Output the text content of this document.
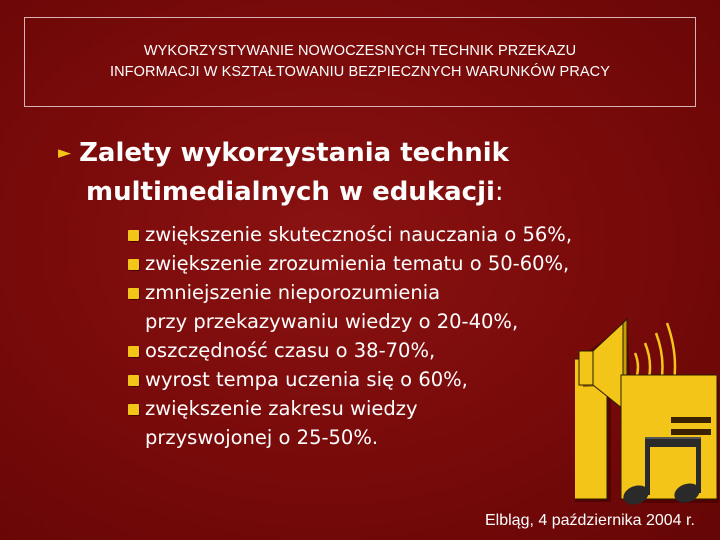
WYKORZYSTYWANIE NOWOCZESNYCH TECHNIK PRZEKAZU
INFORMACJI W KSZTAŁTOWANIU BEZPIECZNYCH WARUNKÓW PRACY
► Zalety wykorzystania technik
multimedialnych w edukacji:
zwiększenie skuteczności nauczania o 56%,
zwiększenie zrozumienia tematu o 50-60%,
zmniejszenie nieporozumienia
przy przekazywaniu wiedzy o 20-40%,
oszczędność czasu o 38-70%,
wyrost tempa uczenia się o 60%,
zwiększenie zakresu wiedzy
przyswojonej o 25-50%.
Elbląg, 4 października 2004 r.
